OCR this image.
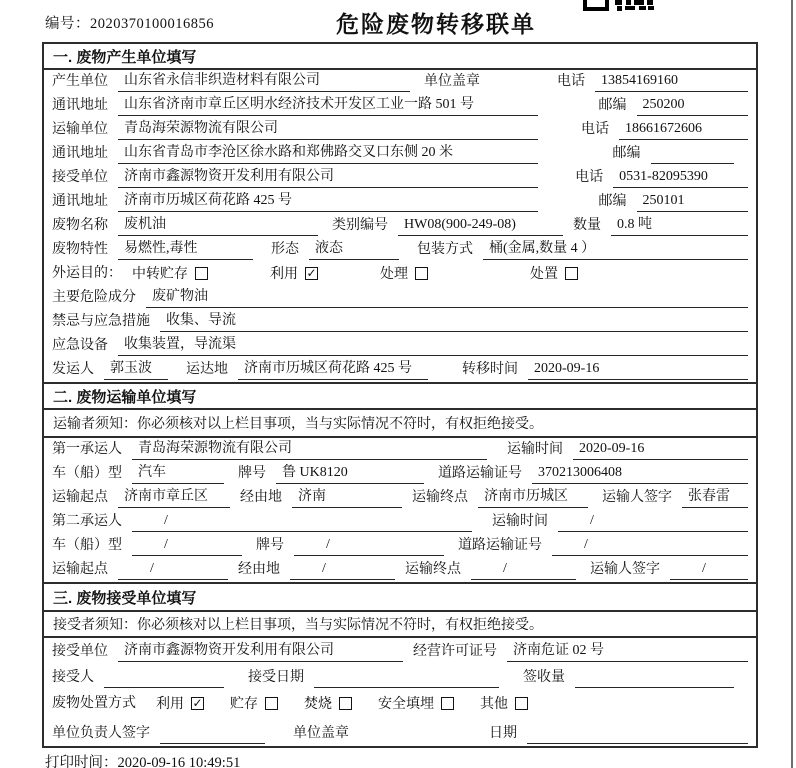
编号：2020370100016856	危险废物转移联单
一. 废物产生单位填写
产生单位	山东省永信非织造材料有限公司	单位盖章	电话	13854169160
通讯地址	山东省济南市章丘区明水经济技术开发区工业一路 501 号	邮编	250200
运输单位	青岛海荣源物流有限公司	电话	18661672606
通讯地址	山东省青岛市李沧区徐水路和郑佛路交叉口东侧 20 米	邮编
接受单位	济南市鑫源物资开发利用有限公司	电话	0531-82095390
通讯地址	济南市历城区荷花路 425 号	邮编	250101
废物名称	废机油	类别编号	HW08(900-249-08)	数量	0.8 吨
废物特性	易燃性,毒性	形态	液态	包装方式	桶(金属,数量 4 ）
外运目的： 中转贮存	利用 ✓	处理	处置
主要危险成分	废矿物油
禁忌与应急措施	收集、导流
应急设备	收集装置，导流渠
发运人	郭玉波	运达地	济南市历城区荷花路 425 号	转移时间	2020-09-16
二. 废物运输单位填写
运输者须知：你必须核对以上栏目事项，当与实际情况不符时，有权拒绝接受。
第一承运人	青岛海荣源物流有限公司	运输时间	2020-09-16
车（船）型	汽车	牌号	鲁 UK8120	道路运输证号	370213006408
运输起点	济南市章丘区	经由地	济南	运输终点	济南市历城区	运输人签字	张春雷
第二承运人	/	运输时间	/
车（船）型	/	牌号	/	道路运输证号	/
运输起点	/	经由地	/	运输终点	/	运输人签字	/
三. 废物接受单位填写
接受者须知：你必须核对以上栏目事项，当与实际情况不符时，有权拒绝接受。
接受单位	济南市鑫源物资开发利用有限公司	经营许可证号	济南危证 02 号
接受人	接受日期	签收量
废物处置方式 利用 ✓ 贮存	焚烧	安全填埋	其他
单位负责人签字	单位盖章	日期
打印时间：2020-09-16 10:49:51
